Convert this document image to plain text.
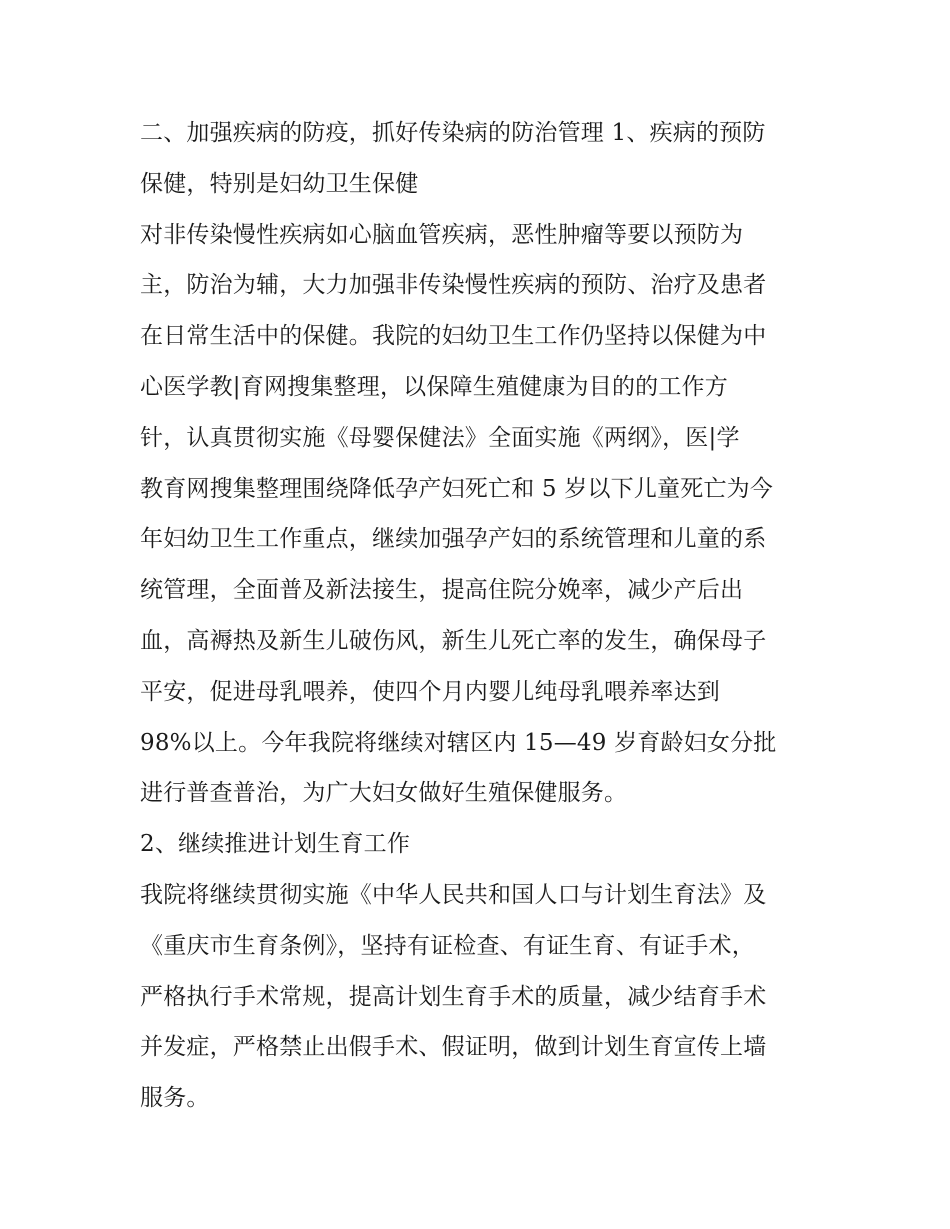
二、加强疾病的防疫，抓好传染病的防治管理 1、疾病的预防
保健，特别是妇幼卫生保健
对非传染慢性疾病如心脑血管疾病，恶性肿瘤等要以预防为
主，防治为辅，大力加强非传染慢性疾病的预防、治疗及患者
在日常生活中的保健。我院的妇幼卫生工作仍坚持以保健为中
心医学教|育网搜集整理，以保障生殖健康为目的的工作方
针，认真贯彻实施《母婴保健法》全面实施《两纲》，医|学
教育网搜集整理围绕降低孕产妇死亡和 5 岁以下儿童死亡为今
年妇幼卫生工作重点，继续加强孕产妇的系统管理和儿童的系
统管理，全面普及新法接生，提高住院分娩率，减少产后出
血，高褥热及新生儿破伤风，新生儿死亡率的发生，确保母子
平安，促进母乳喂养，使四个月内婴儿纯母乳喂养率达到
98%以上。今年我院将继续对辖区内 15—49 岁育龄妇女分批
进行普查普治，为广大妇女做好生殖保健服务。
2、继续推进计划生育工作
我院将继续贯彻实施《中华人民共和国人口与计划生育法》及
《重庆市生育条例》，坚持有证检查、有证生育、有证手术，
严格执行手术常规，提高计划生育手术的质量，减少结育手术
并发症，严格禁止出假手术、假证明，做到计划生育宣传上墙
服务。
